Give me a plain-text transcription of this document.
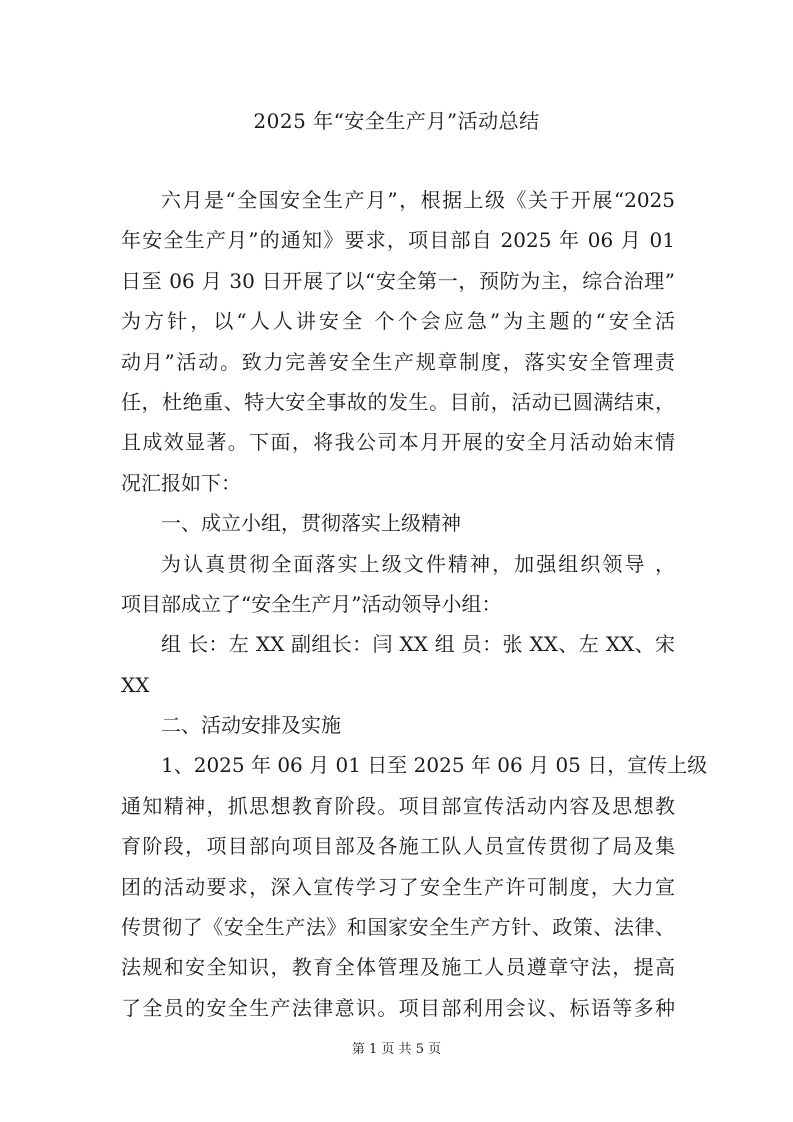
2025 年“安全生产月”活动总结
六月是“全国安全生产月”，根据上级《关于开展“2025
年安全生产月”的通知》要求，项目部自 2025 年 06 月 01
日至 06 月 30 日开展了以“安全第一，预防为主，综合治理”
为方针，以“人人讲安全 个个会应急”为主题的“安全活
动月”活动。致力完善安全生产规章制度，落实安全管理责
任，杜绝重、特大安全事故的发生。目前，活动已圆满结束，
且成效显著。下面，将我公司本月开展的安全月活动始末情
况汇报如下：
一、成立小组，贯彻落实上级精神
为认真贯彻全面落实上级文件精神，加强组织领导 ，
项目部成立了“安全生产月”活动领导小组：
组 长：左 XX 副组长：闫 XX 组 员：张 XX、左 XX、宋
XX
二、活动安排及实施
1、2025 年 06 月 01 日至 2025 年 06 月 05 日，宣传上级
通知精神，抓思想教育阶段。项目部宣传活动内容及思想教
育阶段，项目部向项目部及各施工队人员宣传贯彻了局及集
团的活动要求，深入宣传学习了安全生产许可制度，大力宣
传贯彻了《安全生产法》和国家安全生产方针、政策、法律、
法规和安全知识，教育全体管理及施工人员遵章守法，提高
了全员的安全生产法律意识。项目部利用会议、标语等多种
第 1 页 共 5 页
